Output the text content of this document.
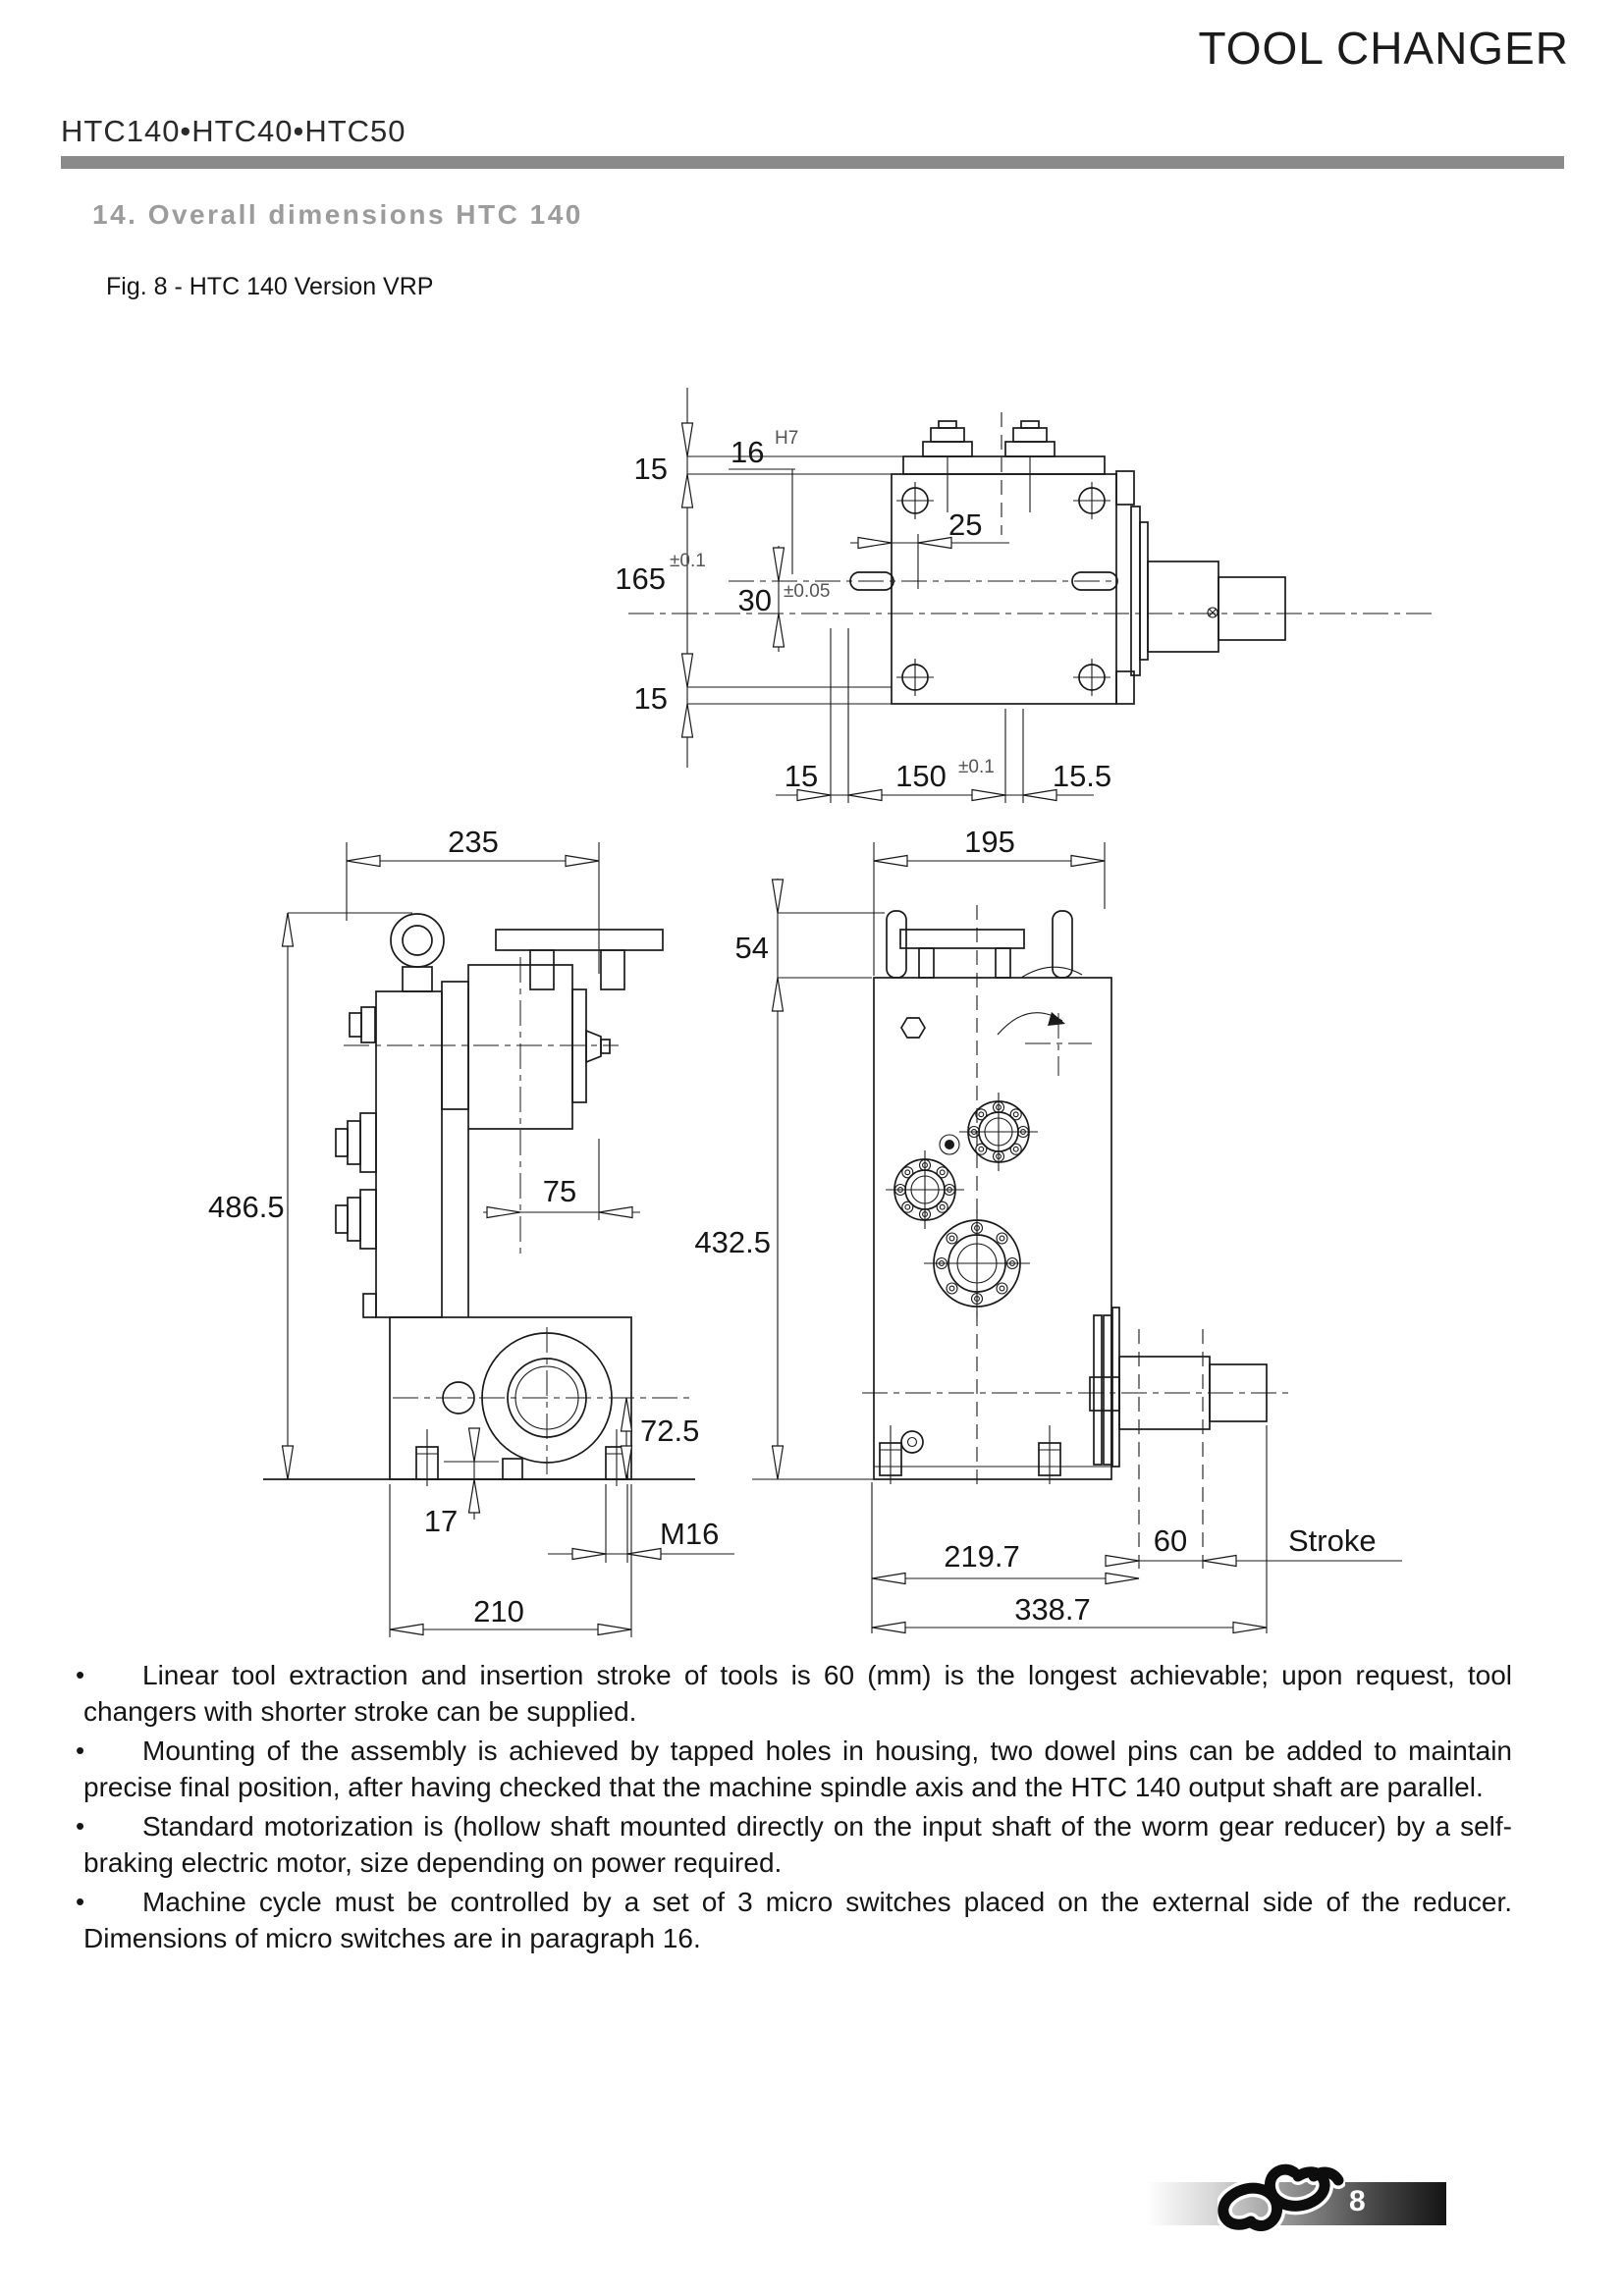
TOOL CHANGER
HTC140•HTC40•HTC50
14. Overall dimensions HTC 140
Fig. 8 - HTC 140 Version VRP
15
165
±0.1
15
16 H7
30 ±0.05
25
15	150 ±0.1 15.5
235
486.5	75
72.5
17	M16
210
195
54
432.5
219.7	60	Stroke
338.7
• Linear tool extraction and insertion stroke of tools is 60 (mm) is the longest achievable; upon request, tool changers with shorter stroke can be supplied.
• Mounting of the assembly is achieved by tapped holes in housing, two dowel pins can be added to maintain precise final position, after having checked that the machine spindle axis and the HTC 140 output shaft are parallel.
• Standard motorization is (hollow shaft mounted directly on the input shaft of the worm gear reducer) by a self-braking electric motor, size depending on power required.
• Machine cycle must be controlled by a set of 3 micro switches placed on the external side of the reducer. Dimensions of micro switches are in paragraph 16.
8
